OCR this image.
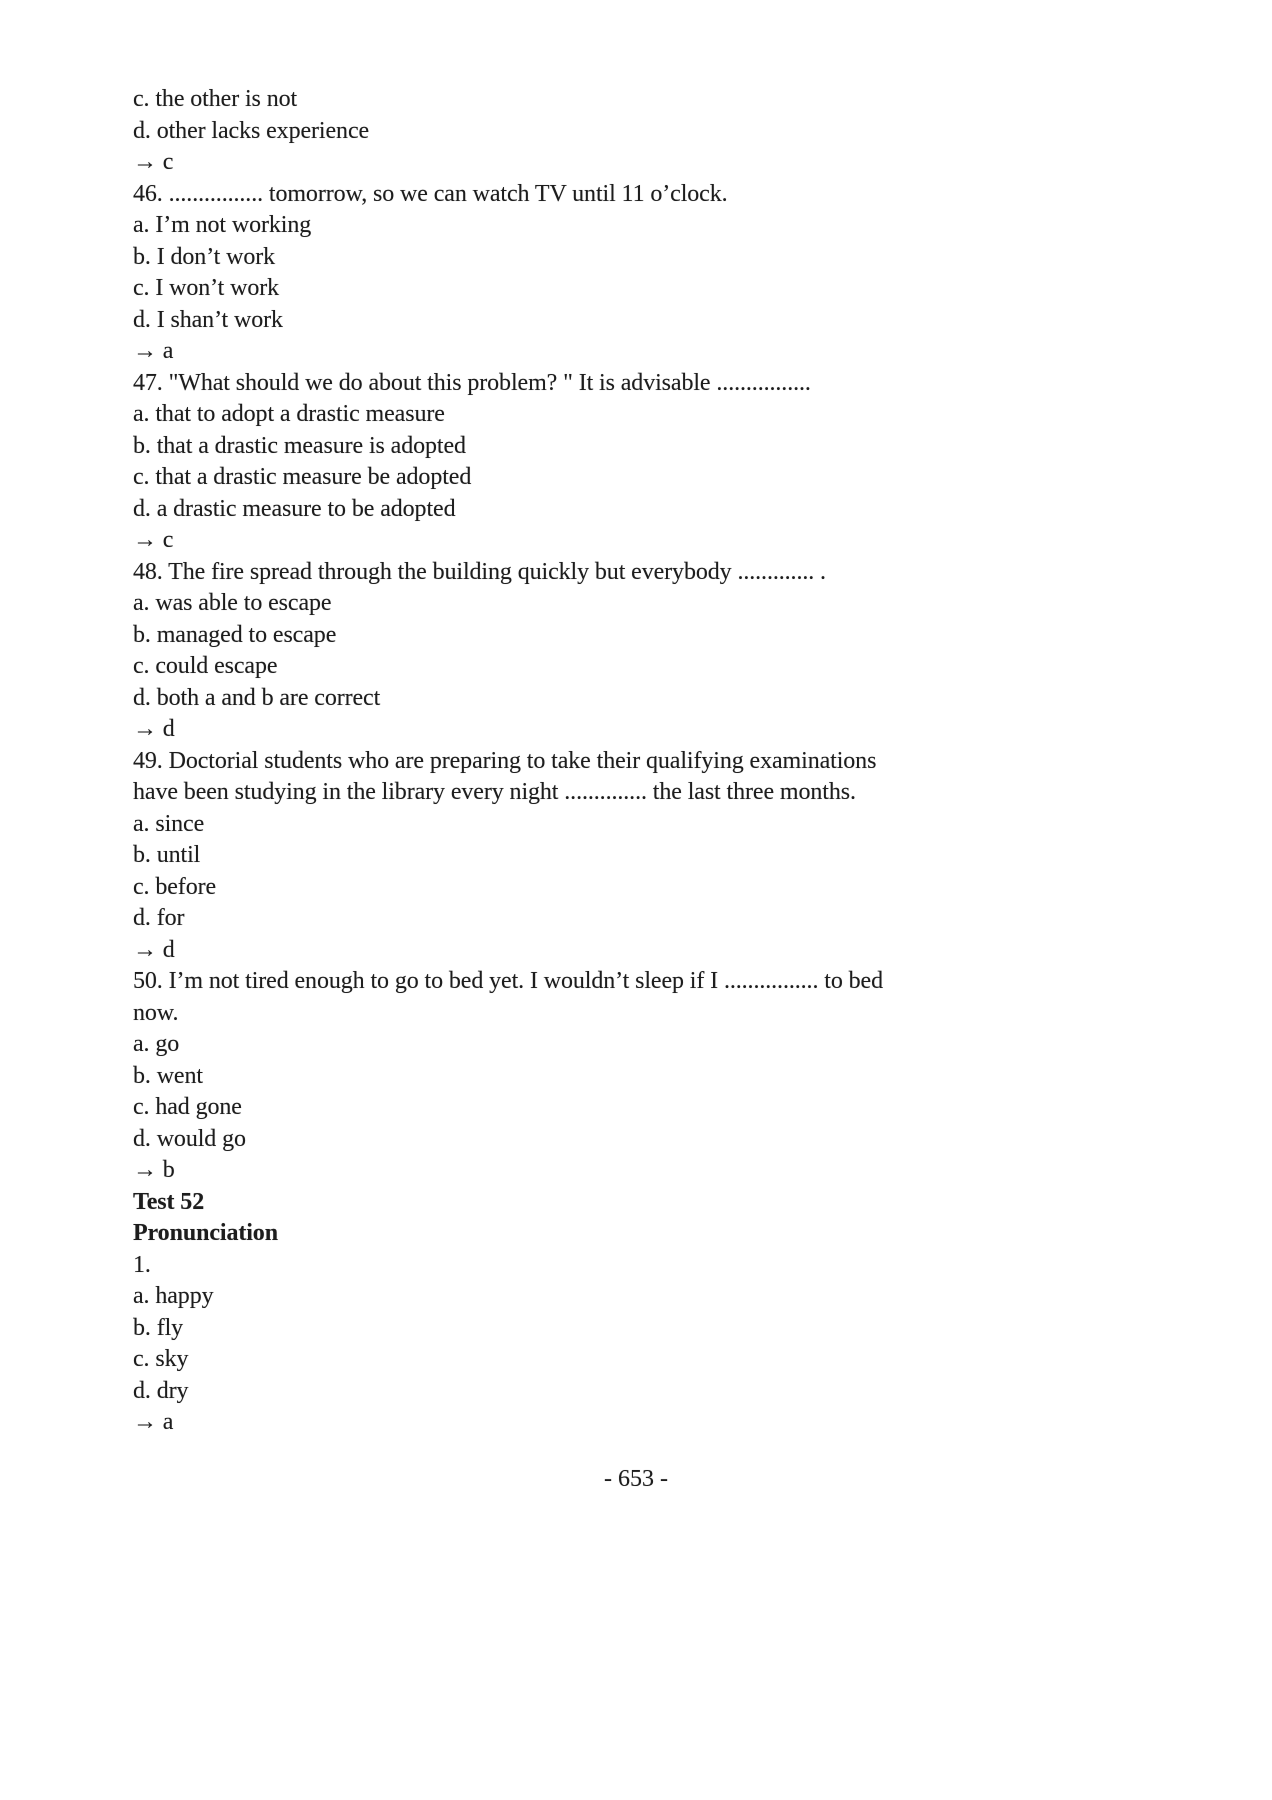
c. the other is not
d. other lacks experience
→ c
46. ................ tomorrow, so we can watch TV until 11 o’clock.
a. I’m not working
b. I don’t work
c. I won’t work
d. I shan’t work
→ a
47. "What should we do about this problem? " It is advisable ................
a. that to adopt a drastic measure
b. that a drastic measure is adopted
c. that a drastic measure be adopted
d. a drastic measure to be adopted
→ c
48. The fire spread through the building quickly but everybody ............. .
a. was able to escape
b. managed to escape
c. could escape
d. both a and b are correct
→ d
49. Doctorial students who are preparing to take their qualifying examinations
have been studying in the library every night .............. the last three months.
a. since
b. until
c. before
d. for
→ d
50. I’m not tired enough to go to bed yet. I wouldn’t sleep if I ................ to bed
now.
a. go
b. went
c. had gone
d. would go
→ b
Test 52
Pronunciation
1.
a. happy
b. fly
c. sky
d. dry
→ a
- 653 -
